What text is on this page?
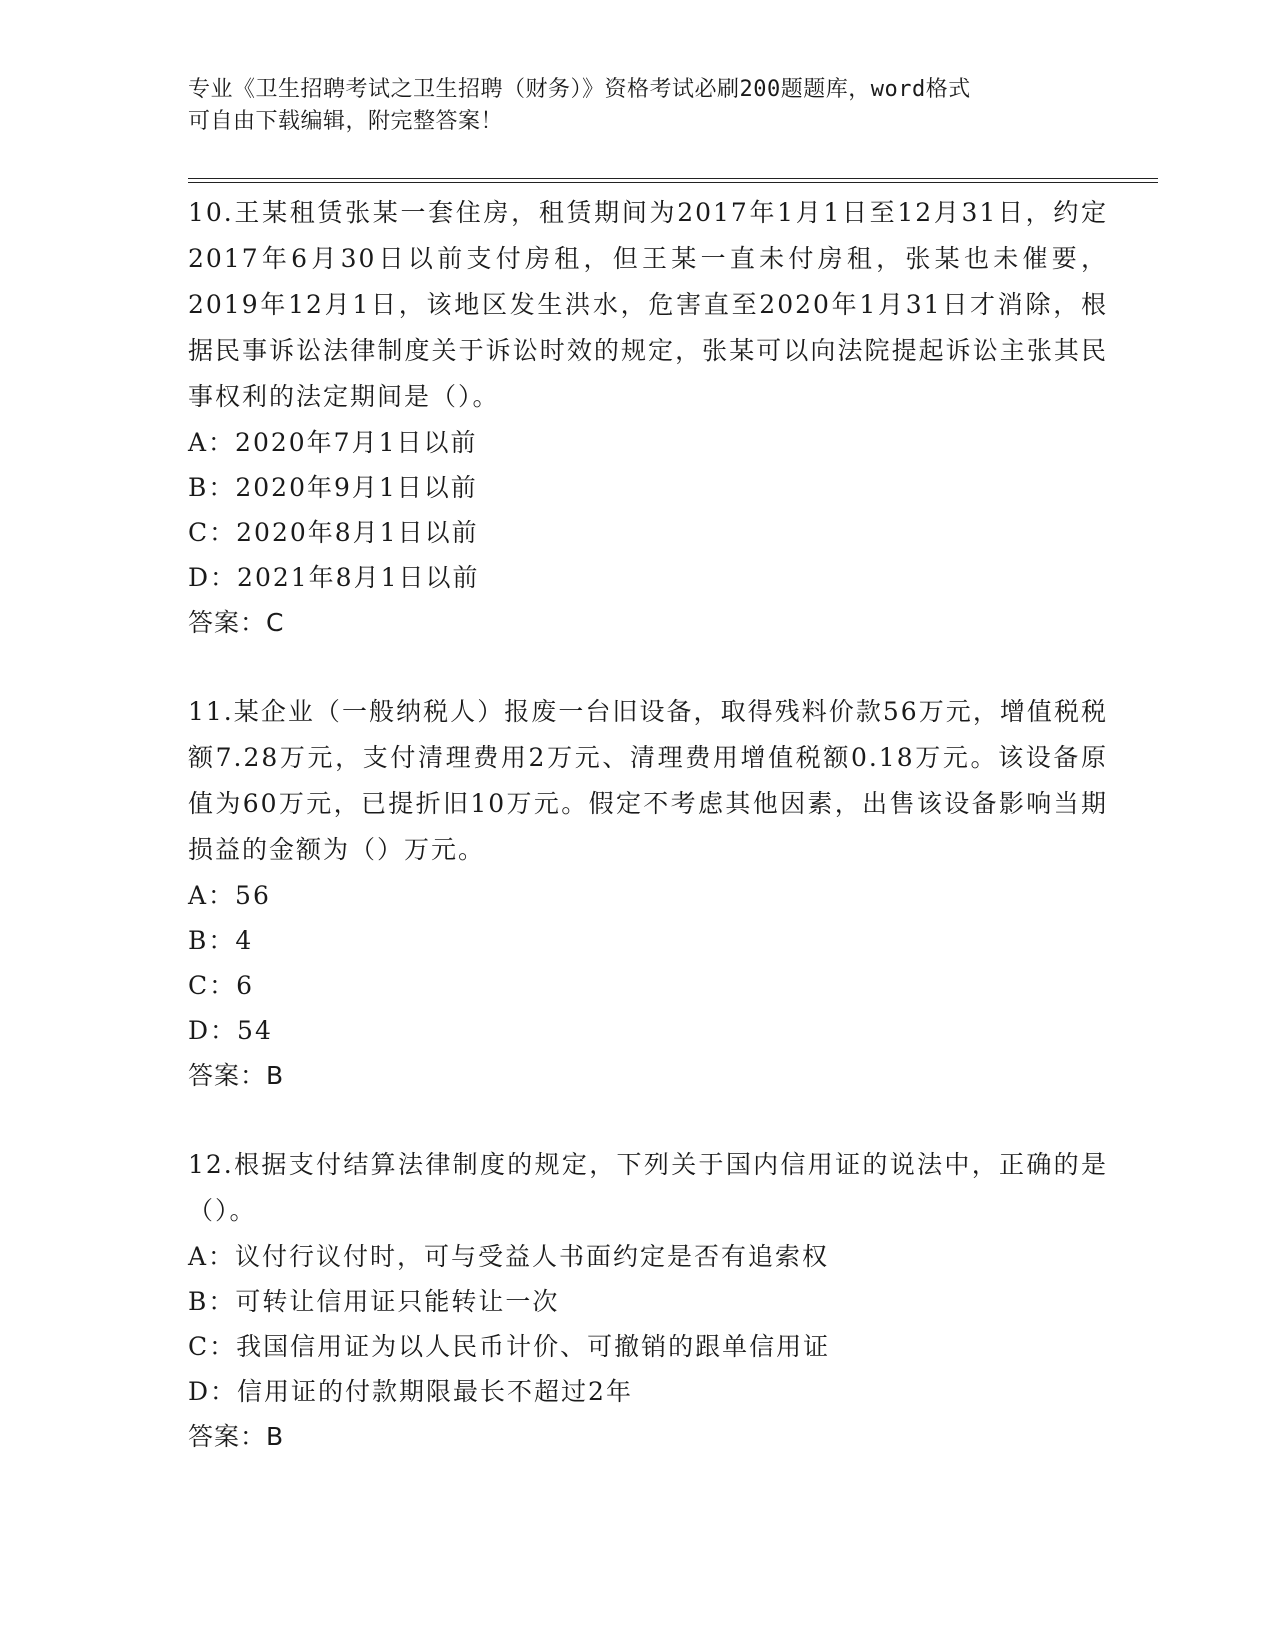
专业《卫生招聘考试之卫生招聘（财务）》资格考试必刷200题题库，word格式
可自由下载编辑，附完整答案！

10.王某租赁张某一套住房，租赁期间为2017年1月1日至12月31日，约定2017年6月30日以前支付房租，但王某一直未付房租，张某也未催要，2019年12月1日，该地区发生洪水，危害直至2020年1月31日才消除，根据民事诉讼法律制度关于诉讼时效的规定，张某可以向法院提起诉讼主张其民事权利的法定期间是（）。

A：2020年7月1日以前

B：2020年9月1日以前

C：2020年8月1日以前

D：2021年8月1日以前

答案：C

11.某企业（一般纳税人）报废一台旧设备，取得残料价款56万元，增值税税额7.28万元，支付清理费用2万元、清理费用增值税额0.18万元。该设备原值为60万元，已提折旧10万元。假定不考虑其他因素，出售该设备影响当期损益的金额为（）万元。

A：56

B：4

C：6

D：54

答案：B

12.根据支付结算法律制度的规定，下列关于国内信用证的说法中，正确的是（）。

A：议付行议付时，可与受益人书面约定是否有追索权

B：可转让信用证只能转让一次

C：我国信用证为以人民币计价、可撤销的跟单信用证

D：信用证的付款期限最长不超过2年

答案：B
